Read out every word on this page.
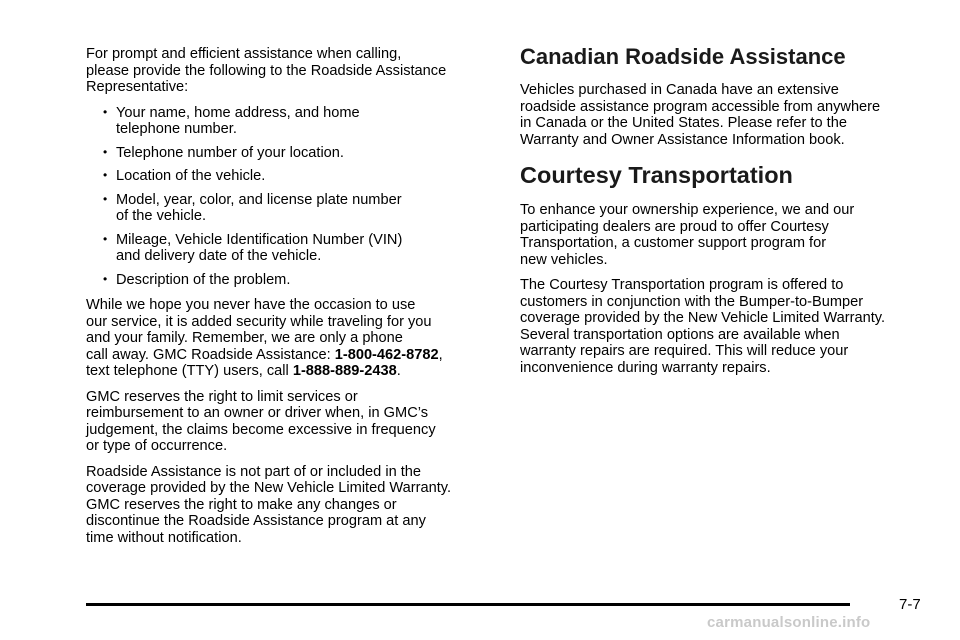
For prompt and efficient assistance when calling,
please provide the following to the Roadside Assistance
Representative:

• Your name, home address, and home
telephone number.
• Telephone number of your location.
• Location of the vehicle.
• Model, year, color, and license plate number
of the vehicle.
• Mileage, Vehicle Identification Number (VIN)
and delivery date of the vehicle.
• Description of the problem.

While we hope you never have the occasion to use
our service, it is added security while traveling for you
and your family. Remember, we are only a phone
call away. GMC Roadside Assistance: 1-800-462-8782,
text telephone (TTY) users, call 1-888-889-2438.

GMC reserves the right to limit services or
reimbursement to an owner or driver when, in GMC’s
judgement, the claims become excessive in frequency
or type of occurrence.

Roadside Assistance is not part of or included in the
coverage provided by the New Vehicle Limited Warranty.
GMC reserves the right to make any changes or
discontinue the Roadside Assistance program at any
time without notification.

Canadian Roadside Assistance

Vehicles purchased in Canada have an extensive
roadside assistance program accessible from anywhere
in Canada or the United States. Please refer to the
Warranty and Owner Assistance Information book.

Courtesy Transportation

To enhance your ownership experience, we and our
participating dealers are proud to offer Courtesy
Transportation, a customer support program for
new vehicles.

The Courtesy Transportation program is offered to
customers in conjunction with the Bumper-to-Bumper
coverage provided by the New Vehicle Limited Warranty.
Several transportation options are available when
warranty repairs are required. This will reduce your
inconvenience during warranty repairs.

7-7
carmanualsonline.info
